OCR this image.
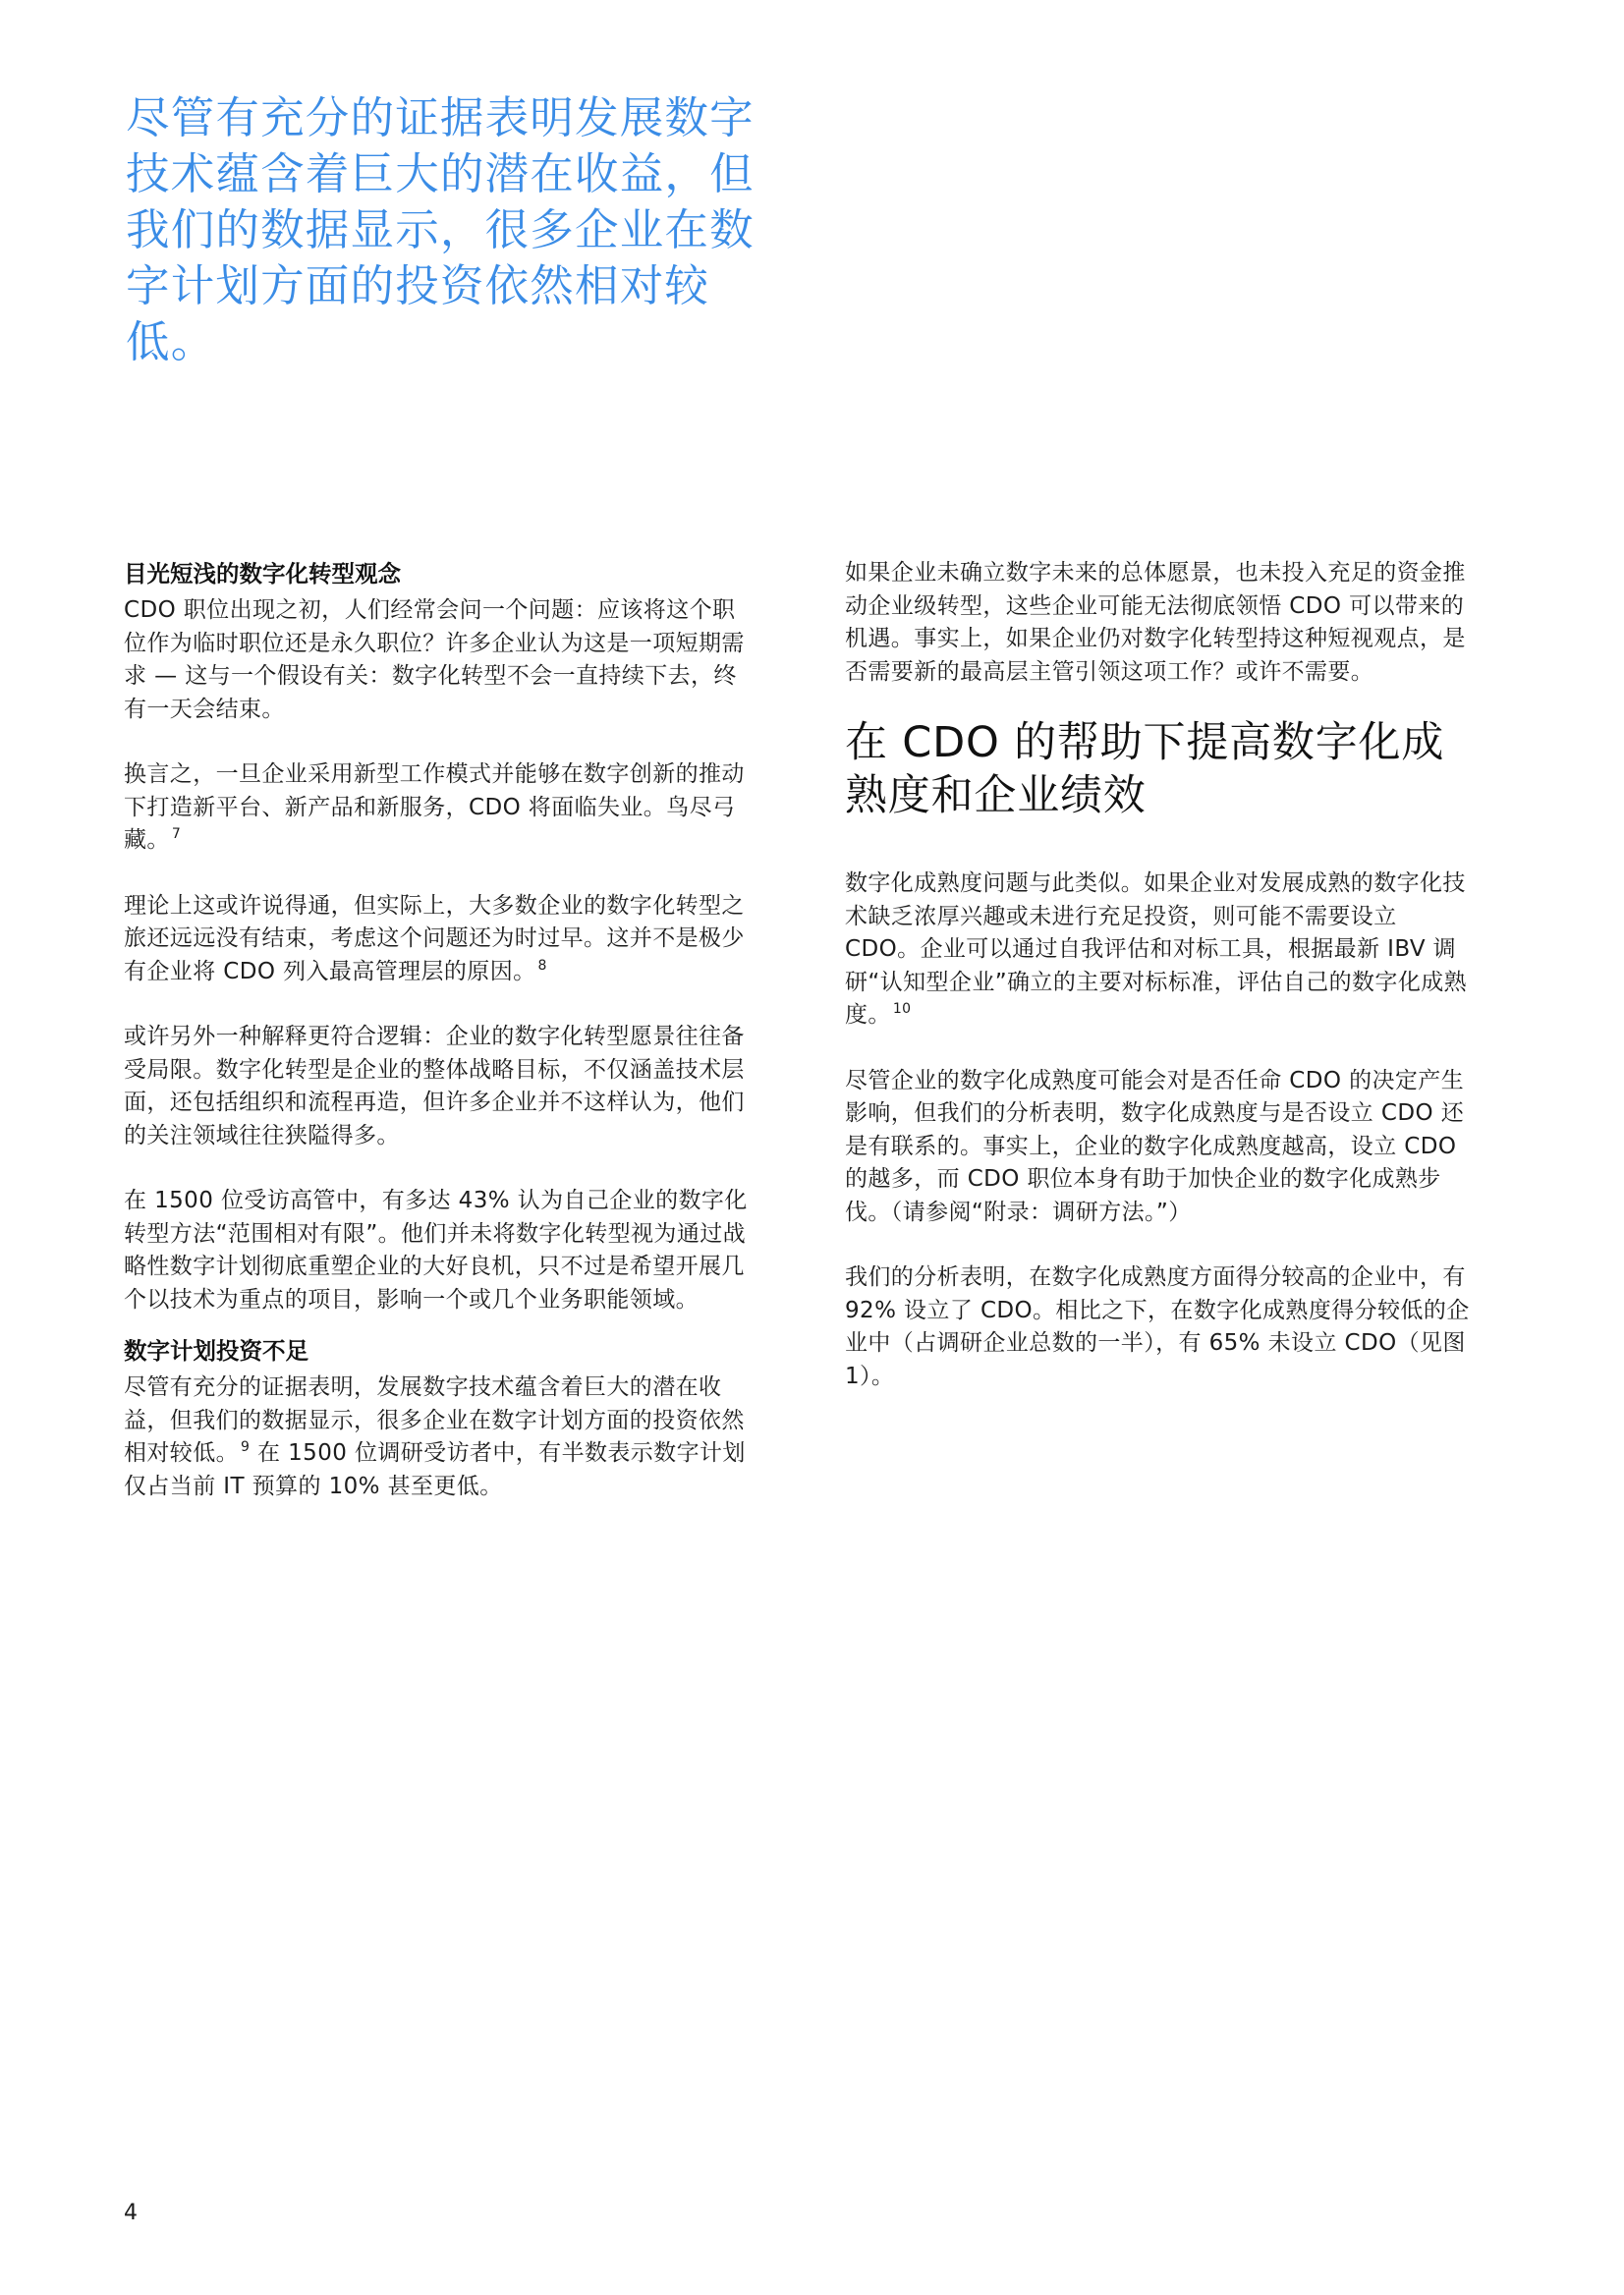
尽管有充分的证据表明发展数字技术蕴含着巨大的潜在收益，但我们的数据显示，很多企业在数字计划方面的投资依然相对较低。

目光短浅的数字化转型观念

CDO 职位出现之初，人们经常会问一个问题：应该将这个职位作为临时职位还是永久职位？许多企业认为这是一项短期需求 — 这与一个假设有关：数字化转型不会一直持续下去，终有一天会结束。

换言之，一旦企业采用新型工作模式并能够在数字创新的推动下打造新平台、新产品和新服务，CDO 将面临失业。鸟尽弓藏。 $^7$

理论上这或许说得通，但实际上，大多数企业的数字化转型之旅还远远没有结束，考虑这个问题还为时过早。这并不是极少有企业将 CDO 列入最高管理层的原因。 $^8$

或许另外一种解释更符合逻辑：企业的数字化转型愿景往往备受局限。数字化转型是企业的整体战略目标，不仅涵盖技术层面，还包括组织和流程再造，但许多企业并不这样认为，他们的关注领域往往狭隘得多。

在 1500 位受访高管中，有多达 43% 认为自己企业的数字化转型方法“范围相对有限”。他们并未将数字化转型视为通过战略性数字计划彻底重塑企业的大好良机，只不过是希望开展几个以技术为重点的项目，影响一个或几个业务职能领域。

数字计划投资不足

尽管有充分的证据表明，发展数字技术蕴含着巨大的潜在收益，但我们的数据显示，很多企业在数字计划方面的投资依然相对较低。 $^9$ 在 1500 位调研受访者中，有半数表示数字计划仅占当前 IT 预算的 10% 甚至更低。

如果企业未确立数字未来的总体愿景，也未投入充足的资金推动企业级转型，这些企业可能无法彻底领悟 CDO 可以带来的机遇。事实上，如果企业仍对数字化转型持这种短视观点，是否需要新的最高层主管引领这项工作？或许不需要。

在 CDO 的帮助下提高数字化成熟度和企业绩效

数字化成熟度问题与此类似。如果企业对发展成熟的数字化技术缺乏浓厚兴趣或未进行充足投资，则可能不需要设立 CDO。企业可以通过自我评估和对标工具，根据最新 IBV 调研“认知型企业”确立的主要对标标准，评估自己的数字化成熟度。 $^{10}$

尽管企业的数字化成熟度可能会对是否任命 CDO 的决定产生影响，但我们的分析表明，数字化成熟度与是否设立 CDO 还是有联系的。事实上，企业的数字化成熟度越高，设立 CDO 的越多，而 CDO 职位本身有助于加快企业的数字化成熟步伐。（请参阅“附录：调研方法。”）

我们的分析表明，在数字化成熟度方面得分较高的企业中，有 92% 设立了 CDO。相比之下，在数字化成熟度得分较低的企业中（占调研企业总数的一半），有 65% 未设立 CDO（见图 1）。

4
